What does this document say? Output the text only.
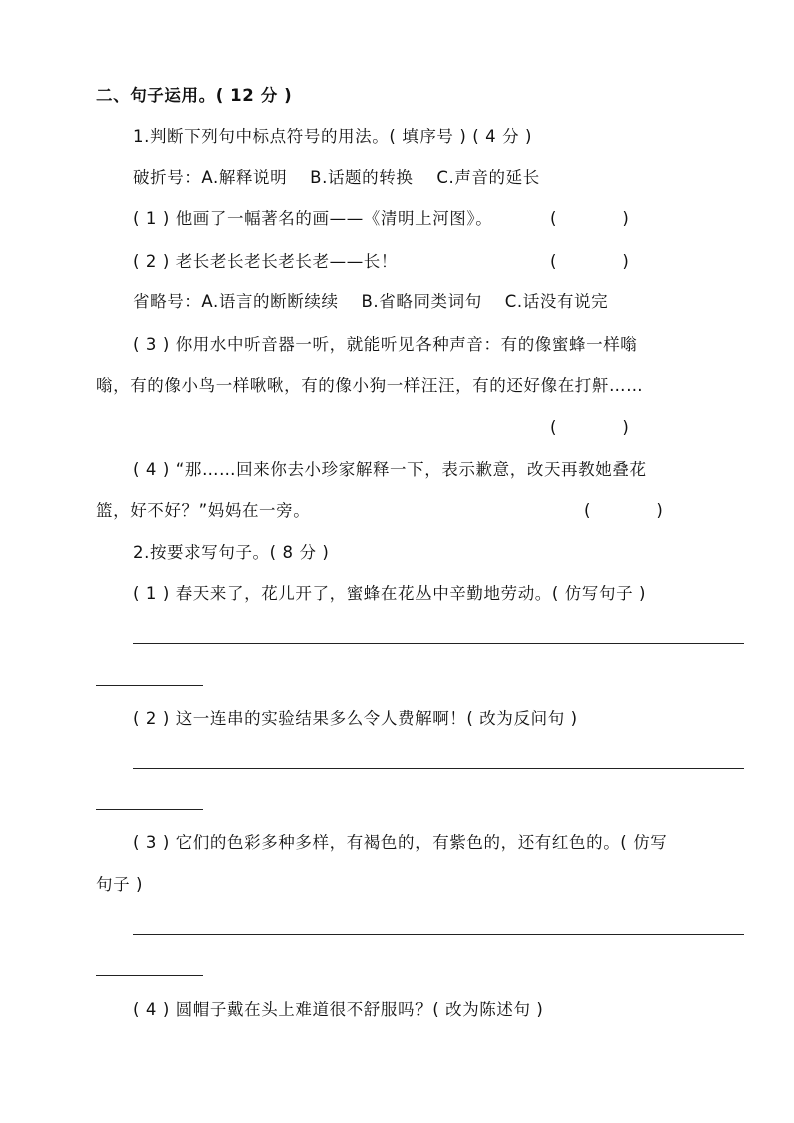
二、句子运用。( 12 分 )
1.判断下列句中标点符号的用法。( 填序号 ) ( 4 分 )
破折号：A.解释说明　 B.话题的转换　 C.声音的延长
( 1 ) 他画了一幅著名的画——《清明上河图》。	(　　　　)
( 2 ) 老长老长老长老长老——长！	(　　　　)
省略号：A.语言的断断续续　 B.省略同类词句　 C.话没有说完
( 3 ) 你用水中听音器一听，就能听见各种声音：有的像蜜蜂一样嗡
嗡，有的像小鸟一样啾啾，有的像小狗一样汪汪，有的还好像在打鼾……
(　　　　)
( 4 ) “那……回来你去小珍家解释一下，表示歉意，改天再教她叠花
篮，好不好？”妈妈在一旁。	(　　　　)
2.按要求写句子。( 8 分 )
( 1 ) 春天来了，花儿开了，蜜蜂在花丛中辛勤地劳动。( 仿写句子 )
( 2 ) 这一连串的实验结果多么令人费解啊！( 改为反问句 )
( 3 ) 它们的色彩多种多样，有褐色的，有紫色的，还有红色的。( 仿写
句子 )
( 4 ) 圆帽子戴在头上难道很不舒服吗？( 改为陈述句 )
